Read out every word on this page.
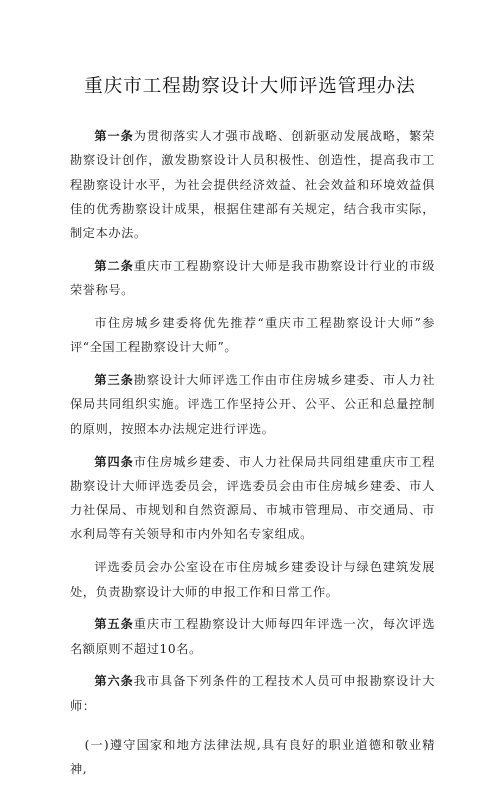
重庆市工程勘察设计大师评选管理办法

第一条为贯彻落实人才强市战略、创新驱动发展战略，繁荣勘察设计创作，激发勘察设计人员积极性、创造性，提高我市工程勘察设计水平，为社会提供经济效益、社会效益和环境效益俱佳的优秀勘察设计成果，根据住建部有关规定，结合我市实际，制定本办法。

第二条重庆市工程勘察设计大师是我市勘察设计行业的市级荣誉称号。

市住房城乡建委将优先推荐“重庆市工程勘察设计大师”参评“全国工程勘察设计大师”。

第三条勘察设计大师评选工作由市住房城乡建委、市人力社保局共同组织实施。评选工作坚持公开、公平、公正和总量控制的原则，按照本办法规定进行评选。

第四条市住房城乡建委、市人力社保局共同组建重庆市工程勘察设计大师评选委员会，评选委员会由市住房城乡建委、市人力社保局、市规划和自然资源局、市城市管理局、市交通局、市水利局等有关领导和市内外知名专家组成。

评选委员会办公室设在市住房城乡建委设计与绿色建筑发展处，负责勘察设计大师的申报工作和日常工作。

第五条重庆市工程勘察设计大师每四年评选一次，每次评选名额原则不超过10名。

第六条我市具备下列条件的工程技术人员可申报勘察设计大师：

(一)遵守国家和地方法律法规,具有良好的职业道德和敬业精神,
